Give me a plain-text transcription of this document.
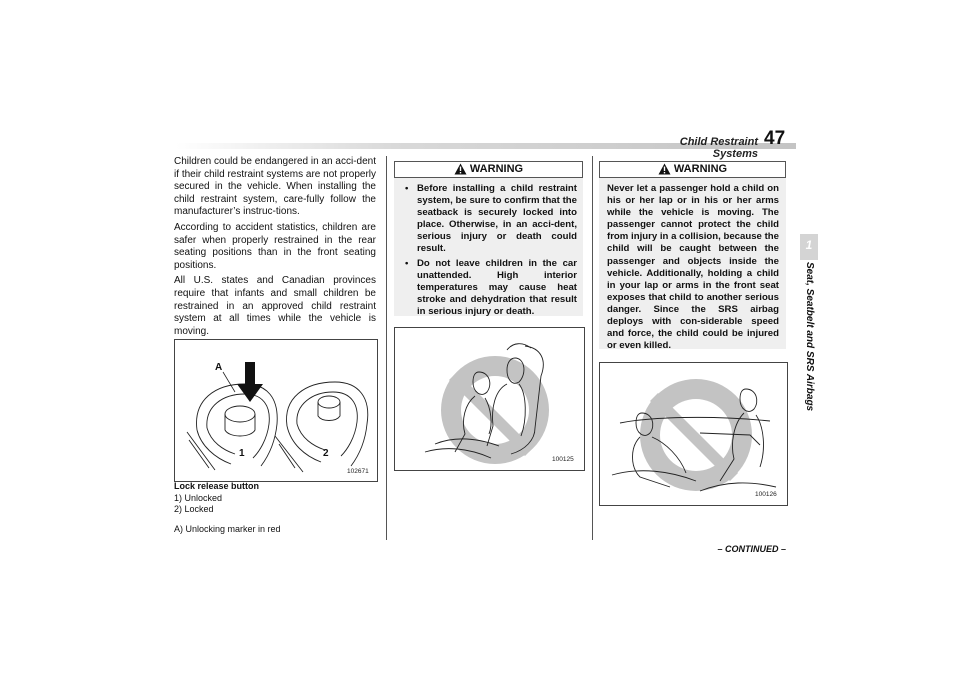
Child Restraint Systems
47
1
Seat, Seatbelt and SRS Airbags

Children could be endangered in an acci-dent if their child restraint systems are not properly secured in the vehicle. When installing the child restraint system, care-fully follow the manufacturer’s instruc-tions.

According to accident statistics, children are safer when properly restrained in the rear seating positions than in the front seating positions.

All U.S. states and Canadian provinces require that infants and small children be restrained in an approved child restraint system at all times while the vehicle is moving.

A
1	2
102671
Lock release button
1) Unlocked
2) Locked
A) Unlocking marker in red
WARNING
• Before installing a child restraint system, be sure to confirm that the seatback is securely locked into place. Otherwise, in an acci-dent, serious injury or death could result.
• Do not leave children in the car unattended. High interior temperatures may cause heat stroke and dehydration that result in serious injury or death.
100125
WARNING
Never let a passenger hold a child on his or her lap or in his or her arms while the vehicle is moving. The passenger cannot protect the child from injury in a collision, because the child will be caught between the passenger and objects inside the vehicle. Additionally, holding a child in your lap or arms in the front seat exposes that child to another serious danger. Since the SRS airbag deploys with con-siderable speed and force, the child could be injured or even killed.
100126
– CONTINUED –
